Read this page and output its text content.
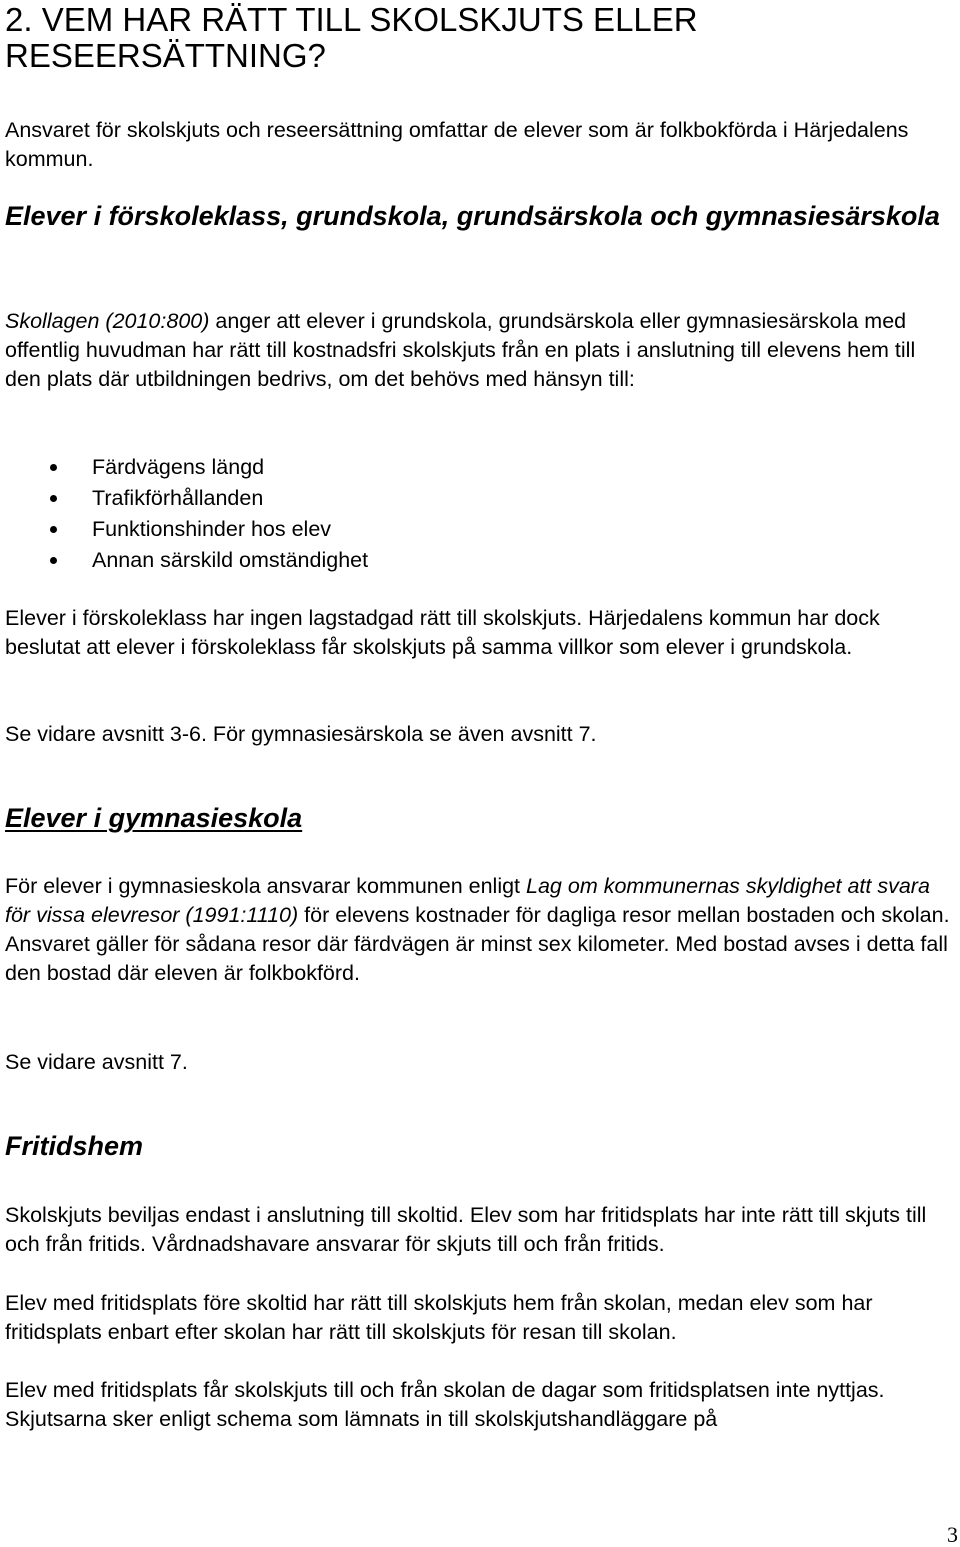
2. VEM HAR RÄTT TILL SKOLSKJUTS ELLER RESEERSÄTTNING?

Ansvaret för skolskjuts och reseersättning omfattar de elever som är folkbokförda i Härjedalens kommun.

Elever i förskoleklass, grundskola, grundsärskola och gymnasiesärskola

Skollagen (2010:800) anger att elever i grundskola, grundsärskola eller gymnasiesärskola med offentlig huvudman har rätt till kostnadsfri skolskjuts från en plats i anslutning till elevens hem till den plats där utbildningen bedrivs, om det behövs med hänsyn till:

Färdvägens längd
Trafikförhållanden
Funktionshinder hos elev
Annan särskild omständighet

Elever i förskoleklass har ingen lagstadgad rätt till skolskjuts. Härjedalens kommun har dock beslutat att elever i förskoleklass får skolskjuts på samma villkor som elever i grundskola.

Se vidare avsnitt 3-6. För gymnasiesärskola se även avsnitt 7.

Elever i gymnasieskola

För elever i gymnasieskola ansvarar kommunen enligt Lag om kommunernas skyldighet att svara för vissa elevresor (1991:1110) för elevens kostnader för dagliga resor mellan bostaden och skolan. Ansvaret gäller för sådana resor där färdvägen är minst sex kilometer. Med bostad avses i detta fall den bostad där eleven är folkbokförd.

Se vidare avsnitt 7.

Fritidshem

Skolskjuts beviljas endast i anslutning till skoltid. Elev som har fritidsplats har inte rätt till skjuts till och från fritids. Vårdnadshavare ansvarar för skjuts till och från fritids.

Elev med fritidsplats före skoltid har rätt till skolskjuts hem från skolan, medan elev som har fritidsplats enbart efter skolan har rätt till skolskjuts för resan till skolan.

Elev med fritidsplats får skolskjuts till och från skolan de dagar som fritidsplatsen inte nyttjas. Skjutsarna sker enligt schema som lämnats in till skolskjutshandläggare på

3
